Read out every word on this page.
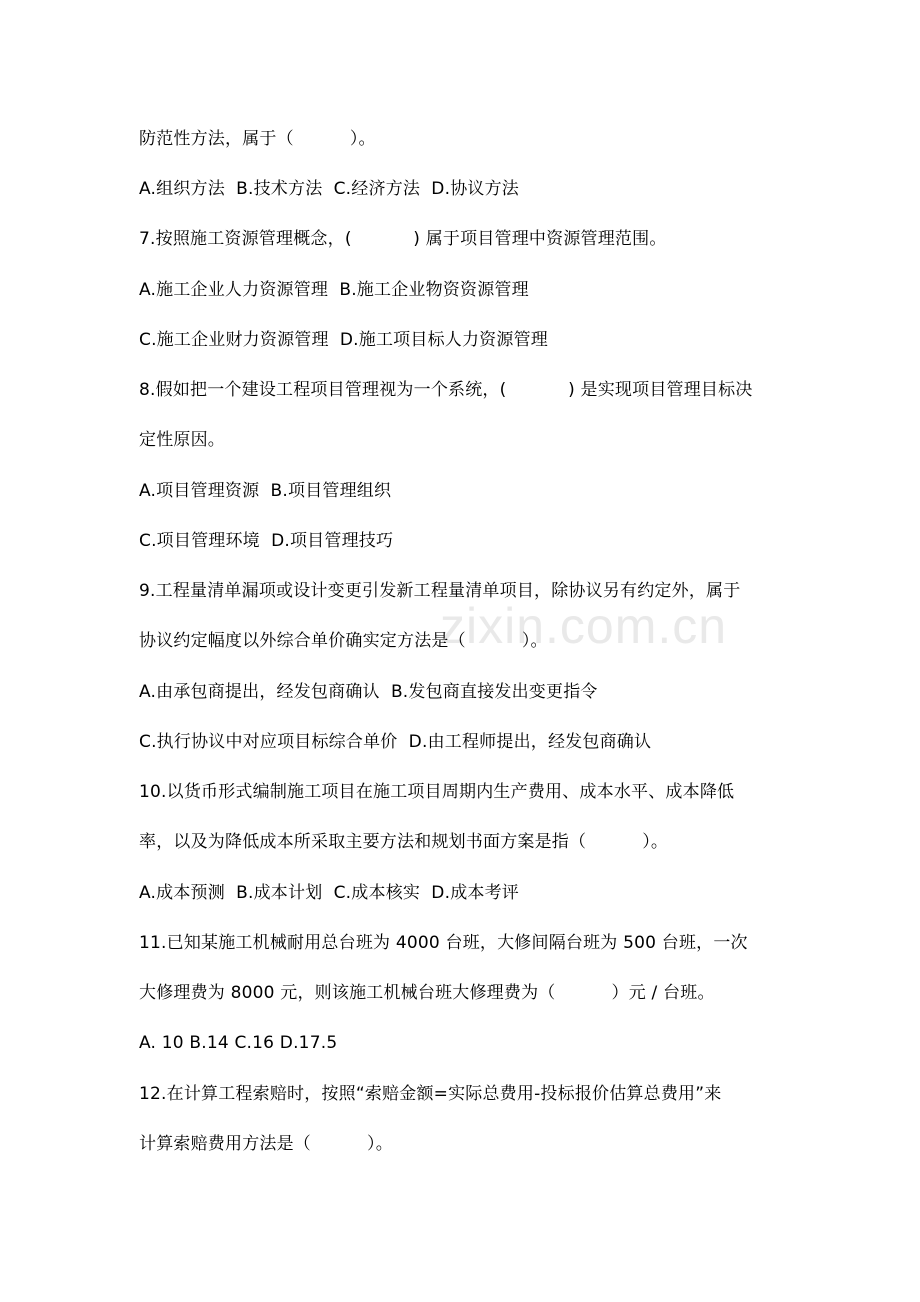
zixin.com.cn
防范性方法，属于（          ）。
A.组织方法  B.技术方法  C.经济方法  D.协议方法
7.按照施工资源管理概念，(           ) 属于项目管理中资源管理范围。
A.施工企业人力资源管理  B.施工企业物资资源管理
C.施工企业财力资源管理  D.施工项目标人力资源管理
8.假如把一个建设工程项目管理视为一个系统，(           ) 是实现项目管理目标决
定性原因。
A.项目管理资源  B.项目管理组织
C.项目管理环境  D.项目管理技巧
9.工程量清单漏项或设计变更引发新工程量清单项目，除协议另有约定外，属于
协议约定幅度以外综合单价确实定方法是（          ）。
A.由承包商提出，经发包商确认  B.发包商直接发出变更指令
C.执行协议中对应项目标综合单价  D.由工程师提出，经发包商确认
10.以货币形式编制施工项目在施工项目周期内生产费用、成本水平、成本降低
率，以及为降低成本所采取主要方法和规划书面方案是指（          ）。
A.成本预测  B.成本计划  C.成本核实  D.成本考评
11.已知某施工机械耐用总台班为 4000 台班，大修间隔台班为 500 台班，一次
大修理费为 8000 元，则该施工机械台班大修理费为（          ）元 / 台班。
A. 10 B.14 C.16 D.17.5
12.在计算工程索赔时，按照“索赔金额=实际总费用-投标报价估算总费用”来
计算索赔费用方法是（          ）。
